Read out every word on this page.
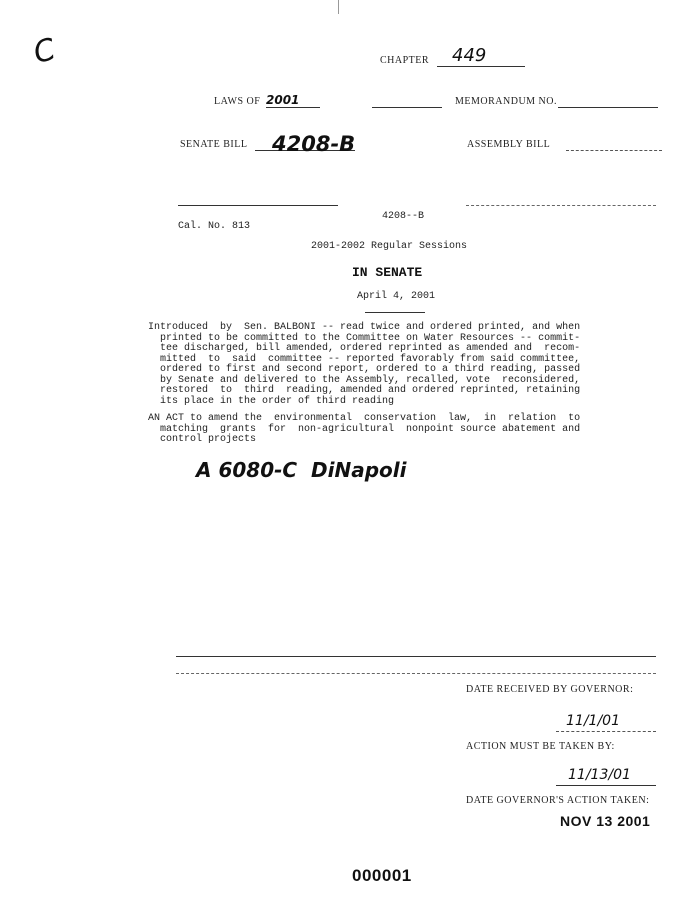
C	CHAPTER 449
LAWS OF 2001	MEMORANDUM NO.
SENATE BILL 4208-B	ASSEMBLY BILL
4208--B
Cal. No. 813
2001-2002 Regular Sessions
IN SENATE
April 4, 2001
Introduced  by  Sen. BALBONI -- read twice and ordered printed, and when
printed to be committed to the Committee on Water Resources -- commit-
tee discharged, bill amended, ordered reprinted as amended and  recom-
mitted  to  said  committee -- reported favorably from said committee,
ordered to first and second report, ordered to a third reading, passed
by Senate and delivered to the Assembly, recalled, vote  reconsidered,
restored  to  third  reading, amended and ordered reprinted, retaining
its place in the order of third reading
AN ACT to amend the  environmental  conservation  law,  in  relation  to
matching  grants  for  non-agricultural  nonpoint source abatement and
control projects
A 6080-C  DiNapoli
DATE RECEIVED BY GOVERNOR:
11/1/01
ACTION MUST BE TAKEN BY:
11/13/01
DATE GOVERNOR'S ACTION TAKEN:
NOV 13 2001
000001
